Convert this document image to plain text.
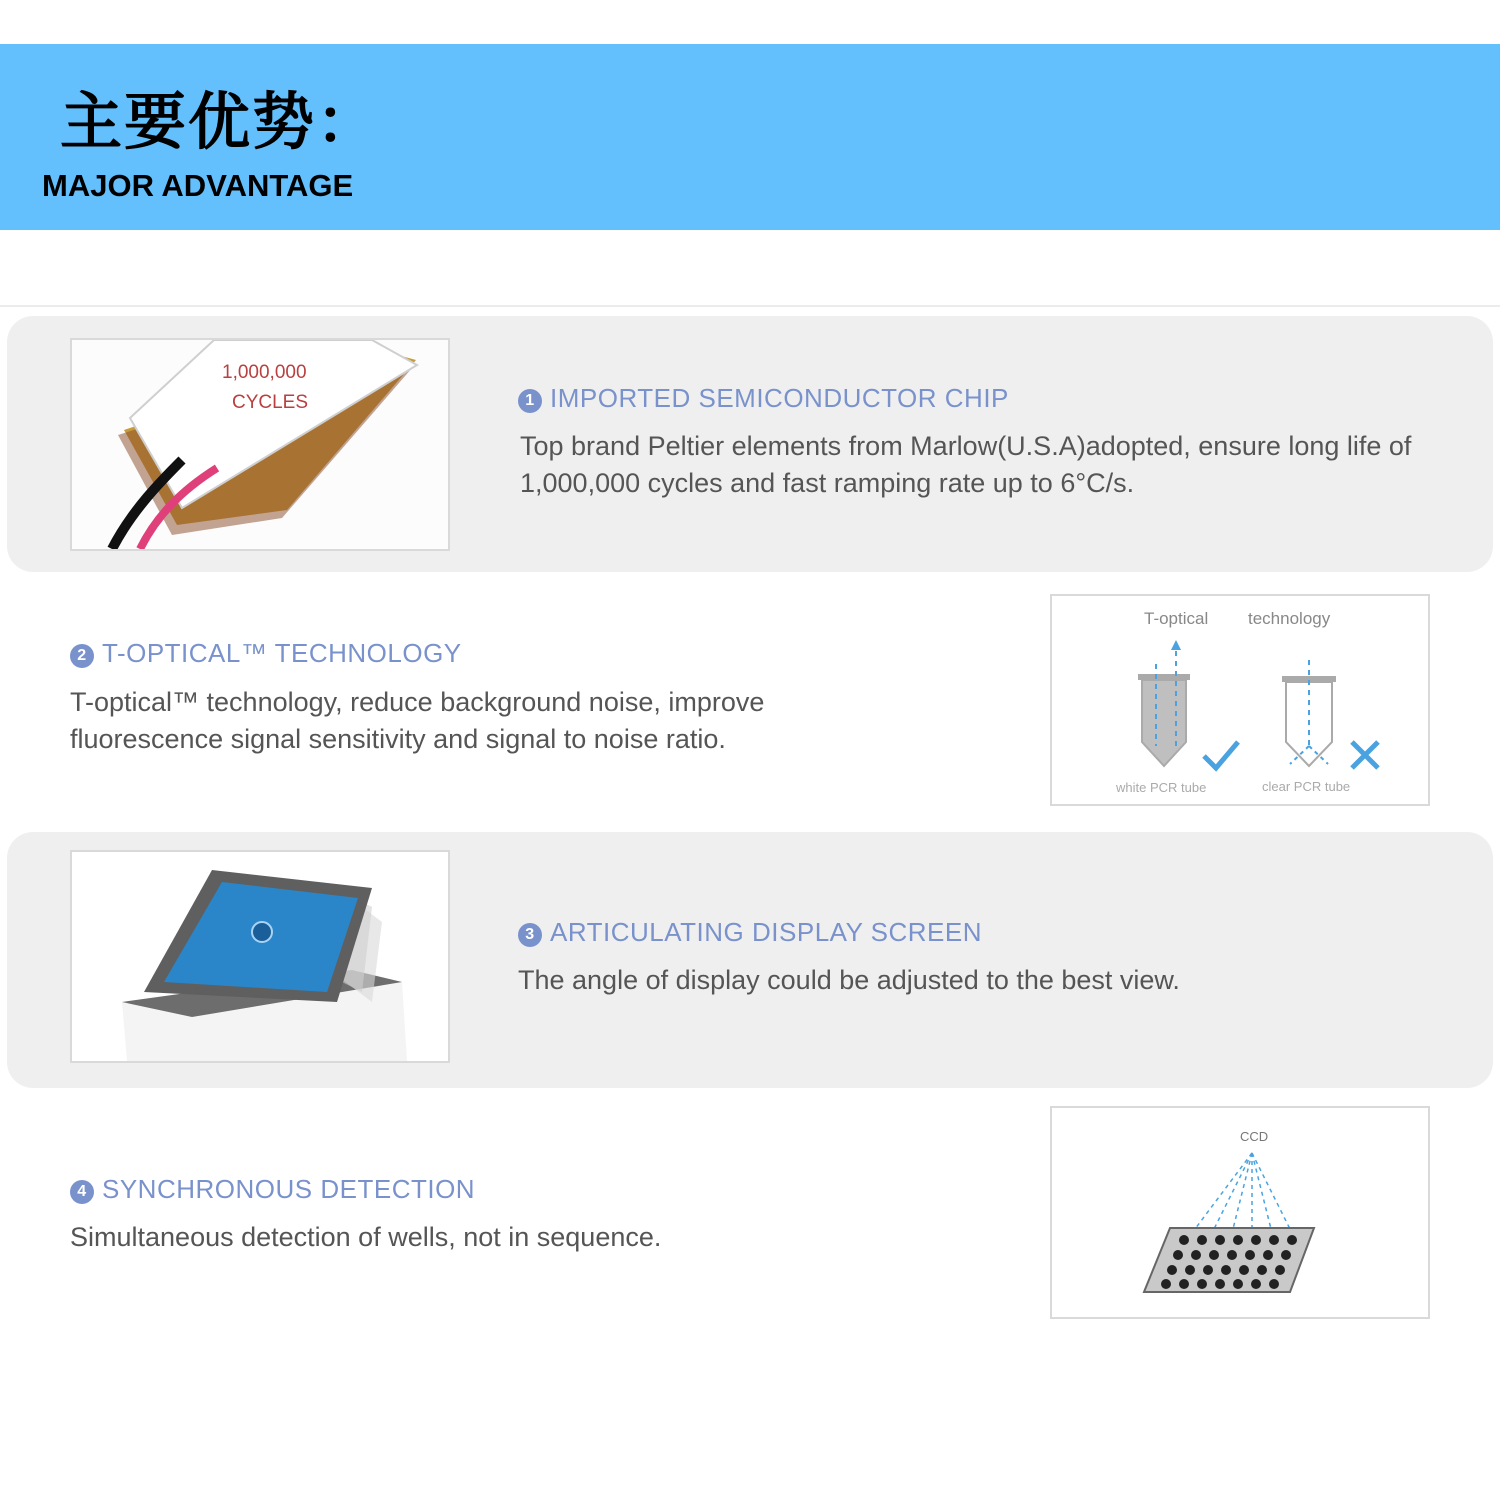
主要优势：
MAJOR ADVANTAGE
1,000,000
CYCLES	1 IMPORTED SEMICONDUCTOR CHIP
Top brand Peltier elements from Marlow(U.S.A)adopted, ensure long life of 1,000,000 cycles and fast ramping rate up to 6°C/s.
2 T-OPTICAL™ TECHNOLOGY
T-optical™ technology, reduce background noise, improve fluorescence signal sensitivity and signal to noise ratio.
T-optical technology
white PCR tube	clear PCR tube
3 ARTICULATING DISPLAY SCREEN
The angle of display could be adjusted to the best view.
4 SYNCHRONOUS DETECTION
Simultaneous detection of wells, not in sequence.
CCD
